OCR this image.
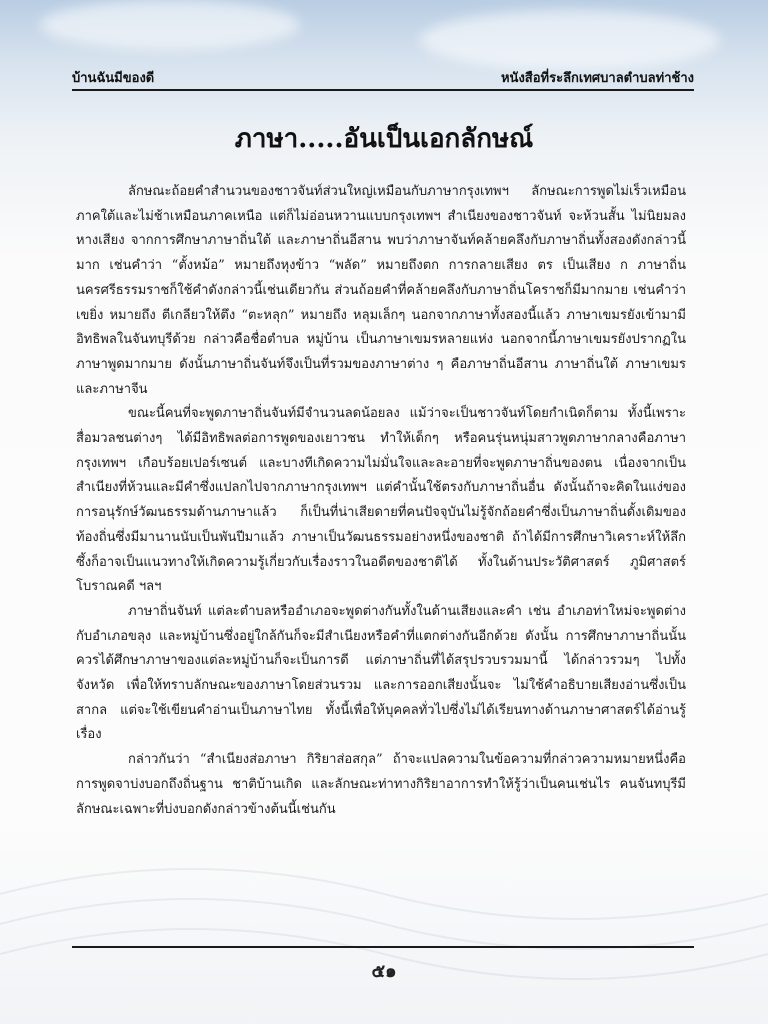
บ้านฉันมีของดี	หนังสือที่ระลึกเทศบาลตำบลท่าช้าง
ภาษา.....อันเป็นเอกลักษณ์

ลักษณะถ้อยคำสำนวนของชาวจันท์ส่วนใหญ่เหมือนกับภาษากรุงเทพฯ ลักษณะการพูดไม่เร็วเหมือนภาคใต้และไม่ช้าเหมือนภาคเหนือ แต่ก็ไม่อ่อนหวานแบบกรุงเทพฯ สำเนียงของชาวจันท์ จะห้วนสั้น ไม่นิยมลงหางเสียง จากการศึกษาภาษาถิ่นใต้ และภาษาถิ่นอีสาน พบว่าภาษาจันท์คล้ายคลึงกับภาษาถิ่นทั้งสองดังกล่าวนี้มาก เช่นคำว่า “ตั้งหม้อ” หมายถึงหุงข้าว “พลัด” หมายถึงตก การกลายเสียง ตร เป็นเสียง ก ภาษาถิ่นนครศรีธรรมราชก็ใช้คำดังกล่าวนี้เช่นเดียวกัน ส่วนถ้อยคำที่คล้ายคลึงกับภาษาถิ่นโคราชก็มีมากมาย เช่นคำว่า เขยิ่ง หมายถึง ตีเกลียวให้ตึง “ตะหลุก” หมายถึง หลุมเล็กๆ นอกจากภาษาทั้งสองนี้แล้ว ภาษาเขมรยังเข้ามามีอิทธิพลในจันทบุรีด้วย กล่าวคือชื่อตำบล หมู่บ้าน เป็นภาษาเขมรหลายแห่ง นอกจากนี้ภาษาเขมรยังปรากฏในภาษาพูดมากมาย ดังนั้นภาษาถิ่นจันท์จึงเป็นที่รวมของภาษาต่าง ๆ คือภาษาถิ่นอีสาน ภาษาถิ่นใต้ ภาษาเขมร และภาษาจีน

ขณะนี้คนที่จะพูดภาษาถิ่นจันท์มีจำนวนลดน้อยลง แม้ว่าจะเป็นชาวจันท์โดยกำเนิดก็ตาม ทั้งนี้เพราะสื่อมวลชนต่างๆ ได้มีอิทธิพลต่อการพูดของเยาวชน ทำให้เด็กๆ หรือคนรุ่นหนุ่มสาวพูดภาษากลางคือภาษากรุงเทพฯ เกือบร้อยเปอร์เซนต์ และบางทีเกิดความไม่มั่นใจและละอายที่จะพูดภาษาถิ่นของตน เนื่องจากเป็นสำเนียงที่ห้วนและมีคำซึ่งแปลกไปจากภาษากรุงเทพฯ แต่คำนั้นใช้ตรงกับภาษาถิ่นอื่น ดังนั้นถ้าจะคิดในแง่ของการอนุรักษ์วัฒนธรรมด้านภาษาแล้ว ก็เป็นที่น่าเสียดายที่คนปัจจุบันไม่รู้จักถ้อยคำซึ่งเป็นภาษาถิ่นดั้งเดิมของท้องถิ่นซึ่งมีมานานนับเป็นพันปีมาแล้ว ภาษาเป็นวัฒนธรรมอย่างหนึ่งของชาติ ถ้าได้มีการศึกษาวิเคราะห์ให้ลึกซึ้งก็อาจเป็นแนวทางให้เกิดความรู้เกี่ยวกับเรื่องราวในอดีตของชาติได้ ทั้งในด้านประวัติศาสตร์ ภูมิศาสตร์ โบราณคดี ฯลฯ

ภาษาถิ่นจันท์ แต่ละตำบลหรืออำเภอจะพูดต่างกันทั้งในด้านเสียงและคำ เช่น อำเภอท่าใหม่จะพูดต่างกับอำเภอขลุง และหมู่บ้านซึ่งอยู่ใกล้กันก็จะมีสำเนียงหรือคำที่แตกต่างกันอีกด้วย ดังนั้น การศึกษาภาษาถิ่นนั้นควรได้ศึกษาภาษาของแต่ละหมู่บ้านก็จะเป็นการดี แต่ภาษาถิ่นที่ได้สรุปรวบรวมมานี้ ได้กล่าวรวมๆ ไปทั้งจังหวัด เพื่อให้ทราบลักษณะของภาษาโดยส่วนรวม และการออกเสียงนั้นจะ ไม่ใช้คำอธิบายเสียงอ่านซึ่งเป็นสากล แต่จะใช้เขียนคำอ่านเป็นภาษาไทย ทั้งนี้เพื่อให้บุคคลทั่วไปซึ่งไม่ได้เรียนทางด้านภาษาศาสตร์ได้อ่านรู้เรื่อง

กล่าวกันว่า “สำเนียงส่อภาษา กิริยาส่อสกุล” ถ้าจะแปลความในข้อความที่กล่าวความหมายหนึ่งคือ การพูดจาบ่งบอกถึงถิ่นฐาน ชาติบ้านเกิด และลักษณะท่าทางกิริยาอาการทำให้รู้ว่าเป็นคนเช่นไร คนจันทบุรีมีลักษณะเฉพาะที่บ่งบอกดังกล่าวข้างต้นนี้เช่นกัน

๕๑
